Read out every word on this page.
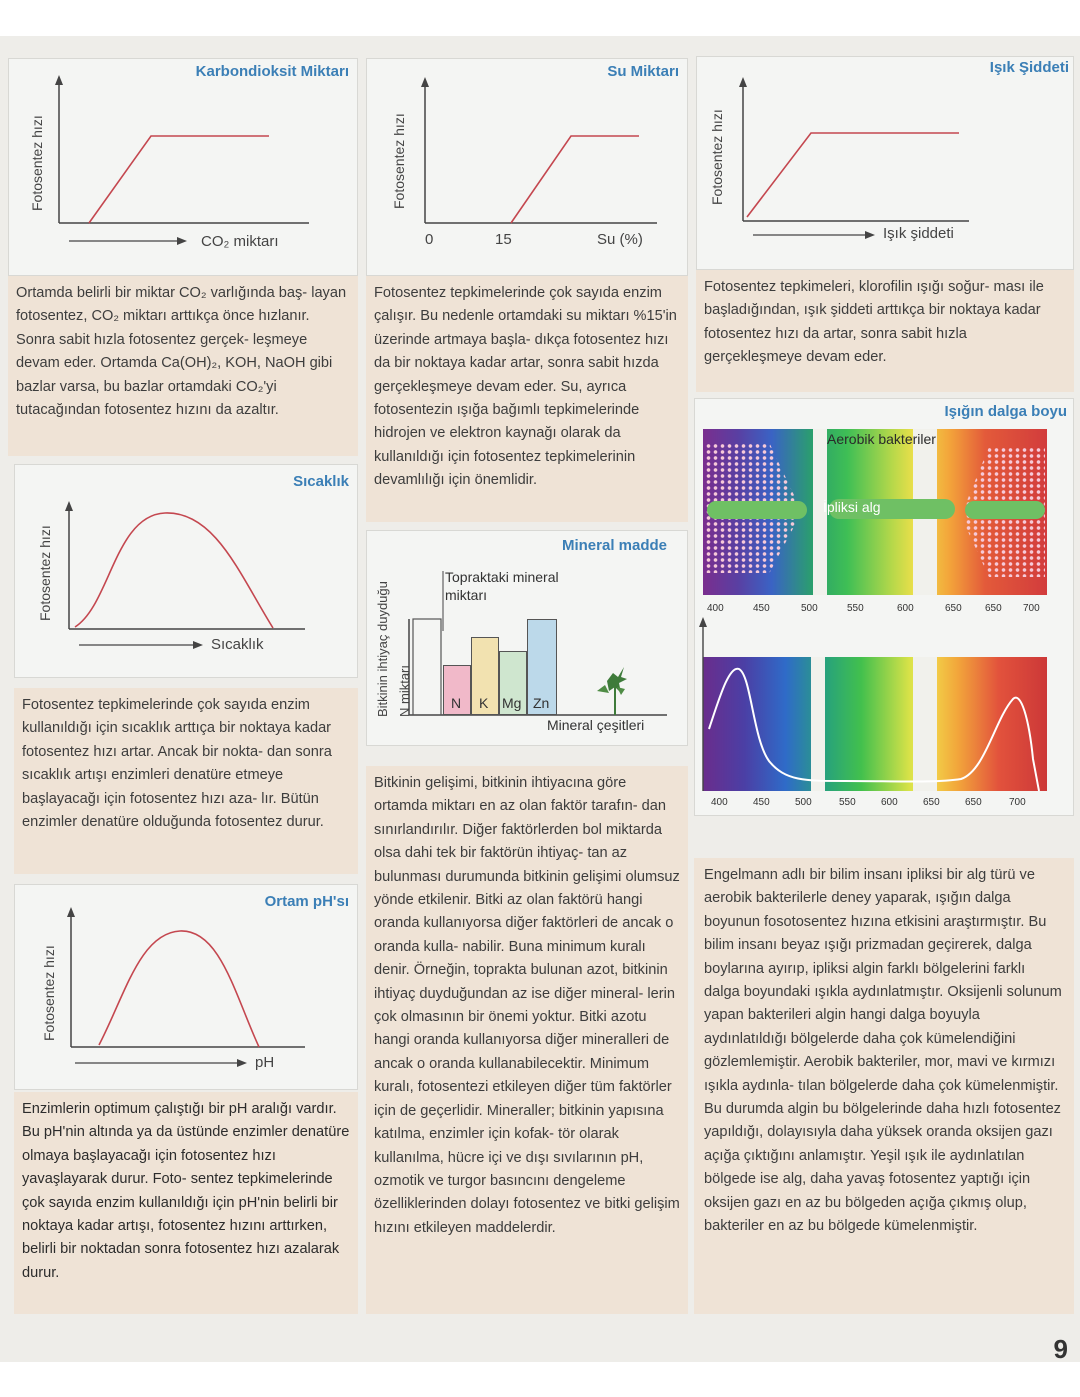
Karbondioksit Miktarı
Fotosentez hızı
CO₂ miktarı
Ortamda belirli bir miktar CO₂ varlığında baş- layan fotosentez, CO₂ miktarı arttıkça önce hızlanır. Sonra sabit hızla fotosentez gerçek- leşmeye devam eder. Ortamda Ca(OH)₂, KOH, NaOH gibi bazlar varsa, bu bazlar ortamdaki CO₂'yi tutacağından fotosentez hızını da azaltır.
Sıcaklık
Fotosentez hızı
Sıcaklık
Fotosentez tepkimelerinde çok sayıda enzim kullanıldığı için sıcaklık arttıça bir noktaya kadar fotosentez hızı artar. Ancak bir nokta- dan sonra sıcaklık artışı enzimleri denatüre etmeye başlayacağı için fotosentez hızı aza- lır. Bütün enzimler denatüre olduğunda fotosentez durur.
Ortam pH'sı
Fotosentez hızı
pH
Enzimlerin optimum çalıştığı bir pH aralığı vardır. Bu pH'nin altında ya da üstünde enzimler denatüre olmaya başlayacağı için fotosentez hızı yavaşlayarak durur. Foto- sentez tepkimelerinde çok sayıda enzim kullanıldığı için pH'nin belirli bir noktaya kadar artışı, fotosentez hızını arttırken, belirli bir noktadan sonra fotosentez hızı azalarak durur.
Su Miktarı
Fotosentez hızı
0	15	Su (%)
Fotosentez tepkimelerinde çok sayıda enzim çalışır. Bu nedenle ortamdaki su miktarı %15'in üzerinde artmaya başla- dıkça fotosentez hızı da bir noktaya kadar artar, sonra sabit hızda gerçekleşmeye devam eder. Su, ayrıca fotosentezin ışığa bağımlı tepkimelerinde hidrojen ve elektron kaynağı olarak da kullanıldığı için fotosentez tepkimelerinin devamlılığı için önemlidir.
Mineral madde
Bitkinin ihtiyaç duyduğu N miktarı
Topraktaki mineral
miktarı
N K Mg Zn
Mineral çeşitleri
Bitkinin gelişimi, bitkinin ihtiyacına göre ortamda miktarı en az olan faktör tarafın- dan sınırlandırılır. Diğer faktörlerden bol miktarda olsa dahi tek bir faktörün ihtiyaç- tan az bulunması durumunda bitkinin gelişimi olumsuz yönde etkilenir. Bitki az olan faktörü hangi oranda kullanıyorsa diğer faktörleri de ancak o oranda kulla- nabilir. Buna minimum kuralı denir. Örneğin, toprakta bulunan azot, bitkinin ihtiyaç duyduğundan az ise diğer mineral- lerin çok olmasının bir önemi yoktur. Bitki azotu hangi oranda kullanıyorsa diğer mineralleri de ancak o oranda kullanabilecektir. Minimum kuralı, fotosentezi etkileyen diğer tüm faktörler için de geçerlidir. Mineraller; bitkinin yapısına katılma, enzimler için kofak- tör olarak kullanılma, hücre içi ve dışı sıvılarının pH, ozmotik ve turgor basıncını dengeleme özelliklerinden dolayı fotosentez ve bitki gelişim hızını etkileyen maddelerdir.
Işık Şiddeti
Fotosentez hızı
Işık şiddeti
Fotosentez tepkimeleri, klorofilin ışığı soğur- ması ile başladığından, ışık şiddeti arttıkça bir noktaya kadar fotosentez hızı da artar, sonra sabit hızla gerçekleşmeye devam eder.
Işığın dalga boyu
Aerobik bakteriler
İpliksi alg
400	450	500	550	600	650 650 700
400	450	500	550	600	650	650	700
Engelmann adlı bir bilim insanı ipliksi bir alg türü ve aerobik bakterilerle deney yaparak, ışığın dalga boyunun fosotosentez hızına etkisini araştırmıştır. Bu bilim insanı beyaz ışığı prizmadan geçirerek, dalga boylarına ayırıp, ipliksi algin farklı bölgelerini farklı dalga boyundaki ışıkla aydınlatmıştır. Oksijenli solunum yapan bakterileri algin hangi dalga boyuyla aydınlatıldığı bölgelerde daha çok kümelendiğini gözlemlemiştir. Aerobik bakteriler, mor, mavi ve kırmızı ışıkla aydınla- tılan bölgelerde daha çok kümelenmiştir. Bu durumda algin bu bölgelerinde daha hızlı fotosentez yapıldığı, dolayısıyla daha yüksek oranda oksijen gazı açığa çıktığını anlamıştır. Yeşil ışık ile aydınlatılan bölgede ise alg, daha yavaş fotosentez yaptığı için oksijen gazı en az bu bölgeden açığa çıkmış olup, bakteriler en az bu bölgede kümelenmiştir.
9
